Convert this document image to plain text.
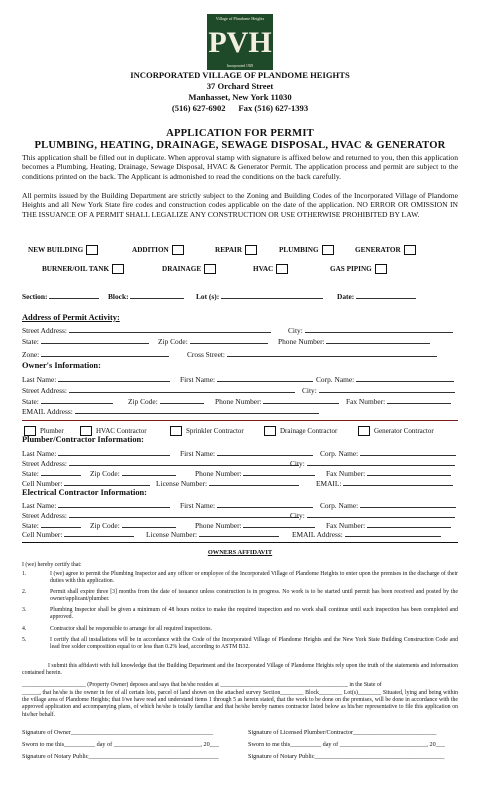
Village of Plandome Heights
PVH
Incorporated 1929
INCORPORATED VILLAGE OF PLANDOME HEIGHTS
37 Orchard Street
Manhasset, New York 11030
(516) 627-6902      Fax (516) 627-1393
APPLICATION FOR PERMIT
PLUMBING, HEATING, DRAINAGE, SEWAGE DISPOSAL, HVAC & GENERATOR
This application shall be filled out in duplicate. When approval stamp with signature is affixed below and returned to you, then this application becomes a Plumbing, Heating, Drainage, Sewage Disposal, HVAC & Generator Permit. The application process and permit are subject to the conditions printed on the back. The Applicant is admonished to read the conditions on the back carefully.
All permits issued by the Building Department are strictly subject to the Zoning and Building Codes of the Incorporated Village of Plandome Heights and all New York State fire codes and construction codes applicable on the date of the application. NO ERROR OR OMISSION IN THE ISSUANCE OF A PERMIT SHALL LEGALIZE ANY CONSTRUCTION OR USE OTHERWISE PROHIBITED BY LAW.
NEW BUILDING	ADDITION	REPAIR	PLUMBING	GENERATOR
BURNER/OIL TANK	DRAINAGE	HVAC	GAS PIPING
Section:	Block:	Lot (s):	Date:
Address of Permit Activity:
Street Address:	City:
State:	Zip Code:	Phone Number:
Zone:	Cross Street:
Owner's Information:
Last Name:	First Name:	Corp. Name:
Street Address:	City:
State:	Zip Code:	Phone Number:	Fax Number:
EMAIL Address:
Plumber	HVAC Contractor	Sprinkler Contractor	Drainage Contractor	Generator Contractor
Plumber/Contractor Information:
Last Name:	First Name:	Corp. Name:
Street Address:	City:
State:	Zip Code:	Phone Number:	Fax Number:
Cell Number:	License Number:	EMAIL:
Electrical Contractor Information:
Last Name:	First Name:	Corp. Name:
Street Address:	City:
State:	Zip Code:	Phone Number:	Fax Number:
Cell Number:	License Number:	EMAIL Address:
OWNERS AFFIDAVIT
I (we) hereby certify that:
1.	I (we) agree to permit the Plumbing Inspector and any officer or employee of the Incorporated Village of Plandome Heights to enter upon the premises in the discharge of their duties with this application.
2.	Permit shall expire three [3] months from the date of issuance unless construction is in progress. No work is to be started until permit has been received and posted by the owner/applicant/plumber.
3.	Plumbing Inspector shall be given a minimum of 48 hours notice to make the required inspection and no work shall continue until such inspection has been completed and approved.
4.	Contractor shall be responsible to arrange for all required inspections.
5.	I certify that all installations will be in accordance with the Code of the Incorporated Village of Plandome Heights and the New York State Building Construction Code and lead free solder composition equal to or less than 0.2% lead, according to ASTM B32.
I submit this affidavit with full knowledge that the Building Department and the Incorporated Village of Plandome Heights rely upon the truth of the statements and information contained herein.
______________________ (Property Owner) deposes and says that he/she resides at ____________________________________________ in the State of
______, that he/she is the owner in fee of all certain lots, parcel of land shown on the attached survey Section________ Block________ Lot(s)________ Situated, lying and being within the village area of Plandome Heights; that I/we have read and understand items 1 through 5 as herein stated, that the work to be done on the premises, will be done in accordance with the approved application and accompanying plans, of which he/she is totally familiar and that he/she hereby names contractor listed below as his/her representative to file this application on his/her behalf.
Signature of Owner______________________________________________
Sworn to me this__________ day of ____________________________, 20___
Signature of Notary Public__________________________________________
Signature of Licensed Plumber/Contractor___________________________
Sworn to me this__________ day of ____________________________, 20___
Signature of Notary Public__________________________________________
